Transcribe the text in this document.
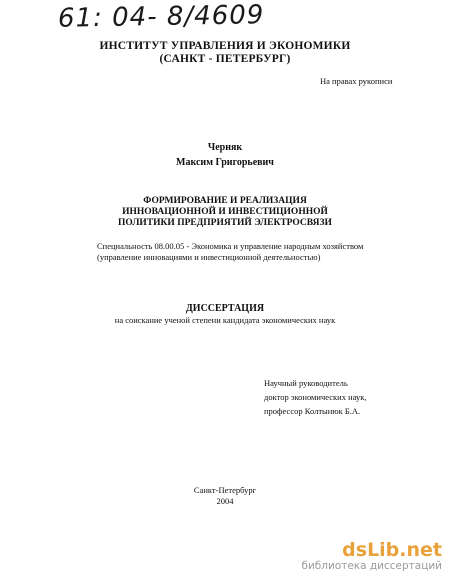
61: 04- 8/4609
ИНСТИТУТ УПРАВЛЕНИЯ И ЭКОНОМИКИ
(САНКТ - ПЕТЕРБУРГ)
На правах рукописи
Черняк
Максим Григорьевич
ФОРМИРОВАНИЕ И РЕАЛИЗАЦИЯ
ИННОВАЦИОННОЙ И ИНВЕСТИЦИОННОЙ
ПОЛИТИКИ ПРЕДПРИЯТИЙ ЭЛЕКТРОСВЯЗИ
Специальность 08.00.05 - Экономика и управление народным хозяйством
(управление инновациями и инвестиционной деятельностью)
ДИССЕРТАЦИЯ
на соискание ученой степени кандидата экономических наук
Научный руководитель
доктор экономических наук,
профессор Колтынюк Б.А.
Санкт-Петербург
2004
dsLib.net
библиотека диссертаций
